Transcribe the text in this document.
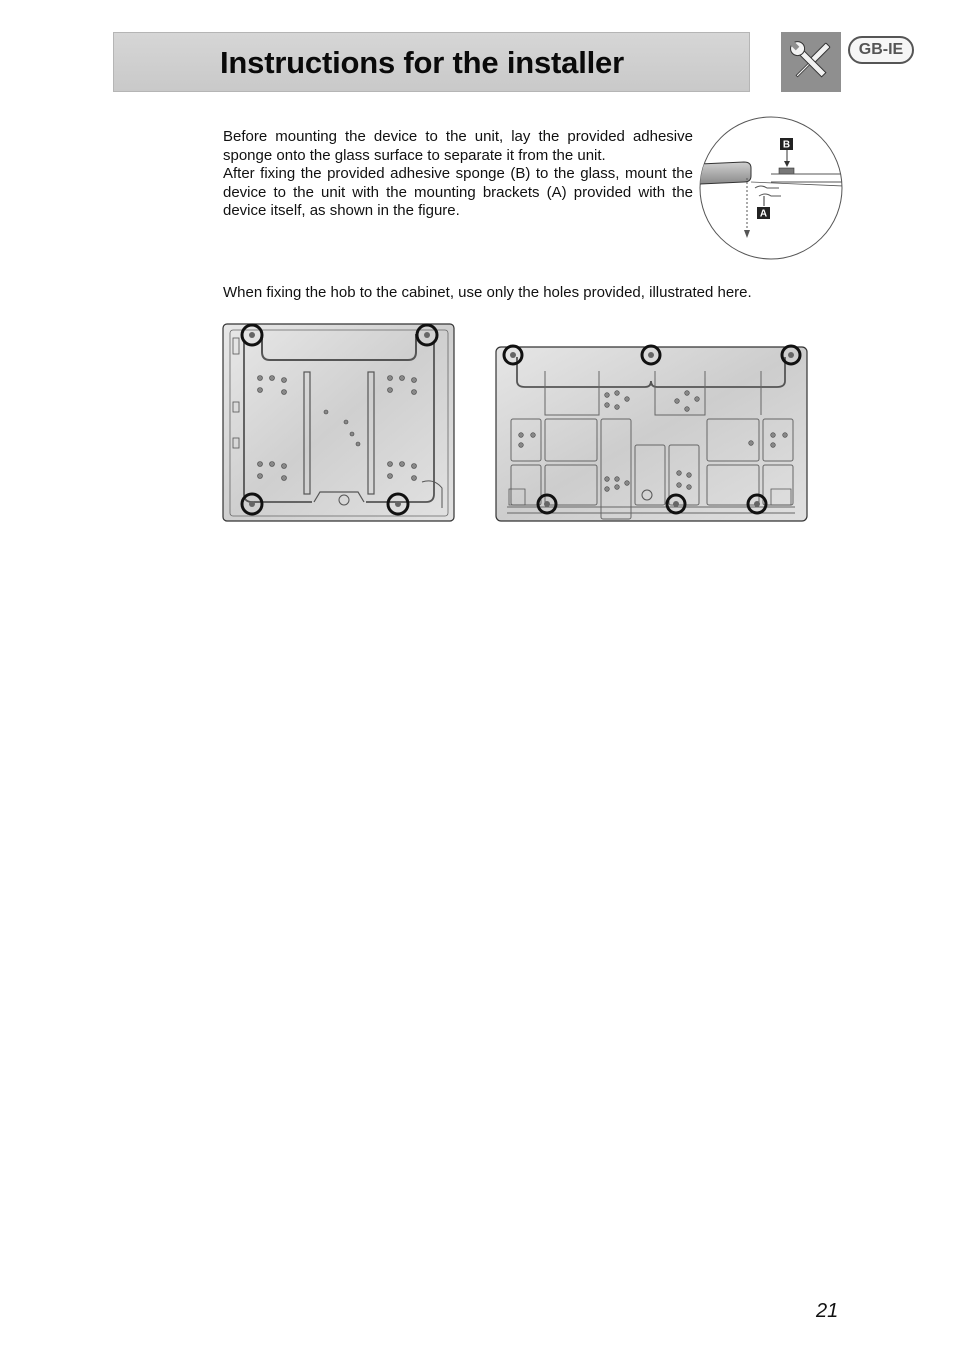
Instructions for the installer	GB-IE

Before mounting the device to the unit, lay the provided adhesive sponge onto the glass surface to separate it from the unit.

After fixing the provided adhesive sponge (B) to the glass, mount the device to the unit with the mounting brackets (A) provided with the device itself, as shown in the figure.

B
A

When fixing the hob to the cabinet, use only the holes provided, illustrated here.

21
